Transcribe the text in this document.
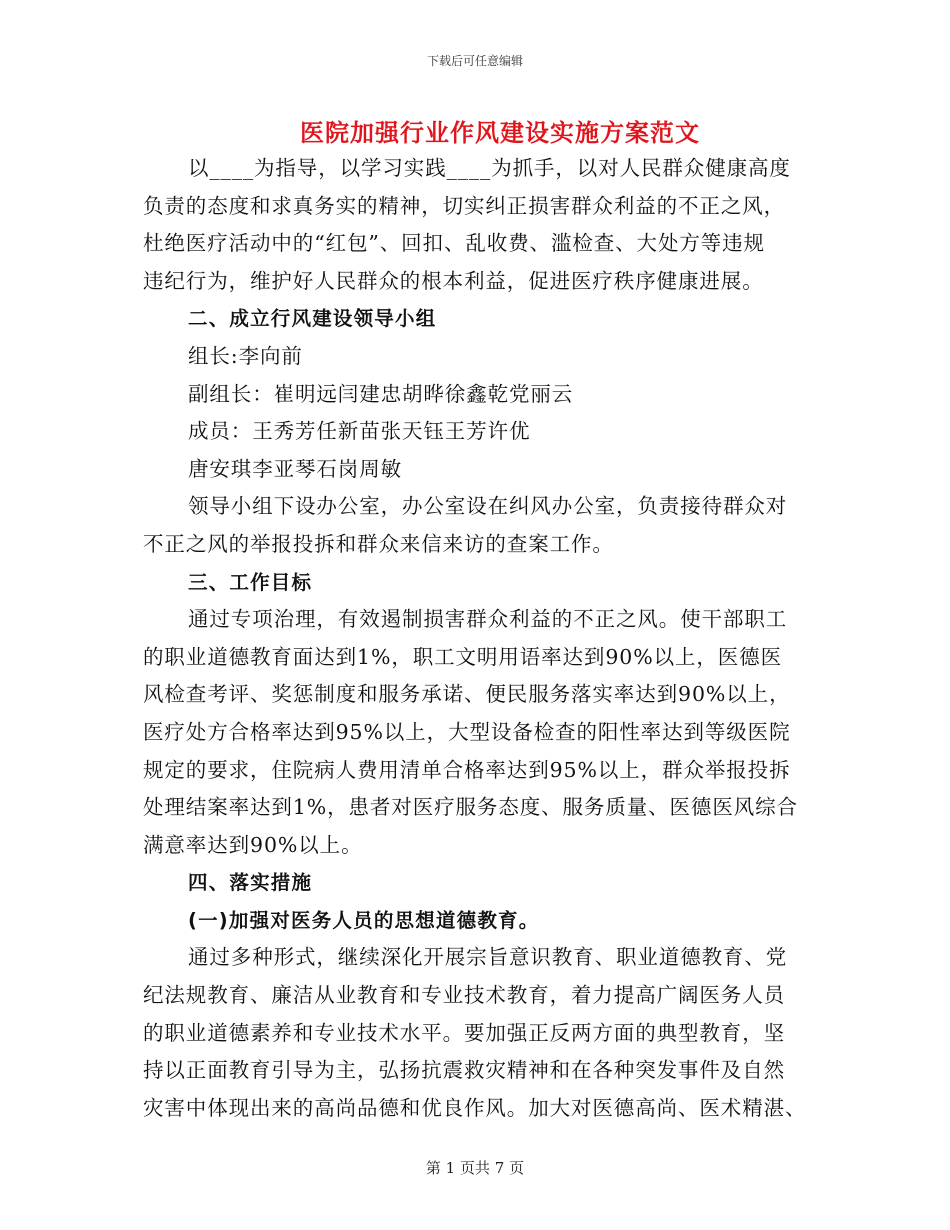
下载后可任意编辑
医院加强行业作风建设实施方案范文
以____为指导，以学习实践____为抓手，以对人民群众健康高度
负责的态度和求真务实的精神，切实纠正损害群众利益的不正之风，
杜绝医疗活动中的“红包”、回扣、乱收费、滥检查、大处方等违规
违纪行为，维护好人民群众的根本利益，促进医疗秩序健康进展。
二、成立行风建设领导小组
组长:李向前
副组长：崔明远闫建忠胡晔徐鑫乾党丽云
成员：王秀芳任新苗张天钰王芳许优
唐安琪李亚琴石岗周敏
领导小组下设办公室，办公室设在纠风办公室，负责接待群众对
不正之风的举报投拆和群众来信来访的查案工作。
三、工作目标
通过专项治理，有效遏制损害群众利益的不正之风。使干部职工
的职业道德教育面达到1%，职工文明用语率达到90%以上，医德医
风检查考评、奖惩制度和服务承诺、便民服务落实率达到90%以上，
医疗处方合格率达到95%以上，大型设备检查的阳性率达到等级医院
规定的要求，住院病人费用清单合格率达到95%以上，群众举报投拆
处理结案率达到1%，患者对医疗服务态度、服务质量、医德医风综合
满意率达到90%以上。
四、落实措施
(一)加强对医务人员的思想道德教育。
通过多种形式，继续深化开展宗旨意识教育、职业道德教育、党
纪法规教育、廉洁从业教育和专业技术教育，着力提高广阔医务人员
的职业道德素养和专业技术水平。要加强正反两方面的典型教育，坚
持以正面教育引导为主，弘扬抗震救灾精神和在各种突发事件及自然
灾害中体现出来的高尚品德和优良作风。加大对医德高尚、医术精湛、
第 1 页共 7 页
